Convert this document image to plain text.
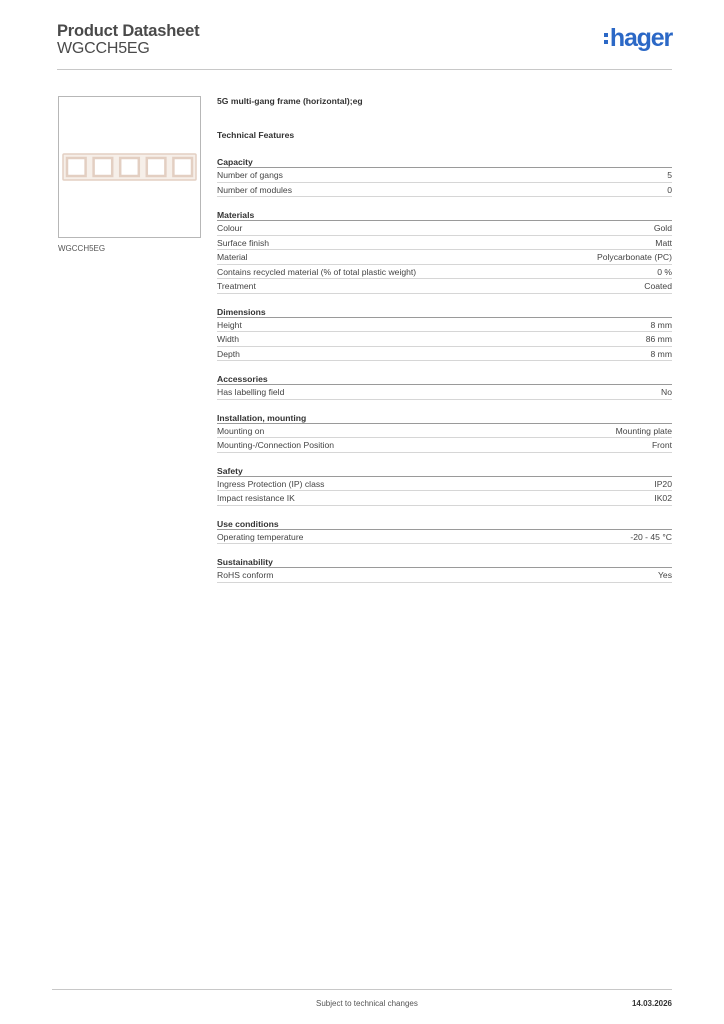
Product Datasheet
WGCCH5EG	hager
WGCCH5EG
5G multi-gang frame (horizontal);eg
Technical Features
Capacity
Number of gangs	5
Number of modules	0
Materials
Colour	Gold
Surface finish	Matt
Material	Polycarbonate (PC)
Contains recycled material (% of total plastic weight)	0 %
Treatment	Coated
Dimensions
Height	8 mm
Width	86 mm
Depth	8 mm
Accessories
Has labelling field	No
Installation, mounting
Mounting on	Mounting plate
Mounting-/Connection Position	Front
Safety
Ingress Protection (IP) class	IP20
Impact resistance IK	IK02
Use conditions
Operating temperature	-20 - 45 °C
Sustainability
RoHS conform	Yes
Subject to technical changes	14.03.2026
